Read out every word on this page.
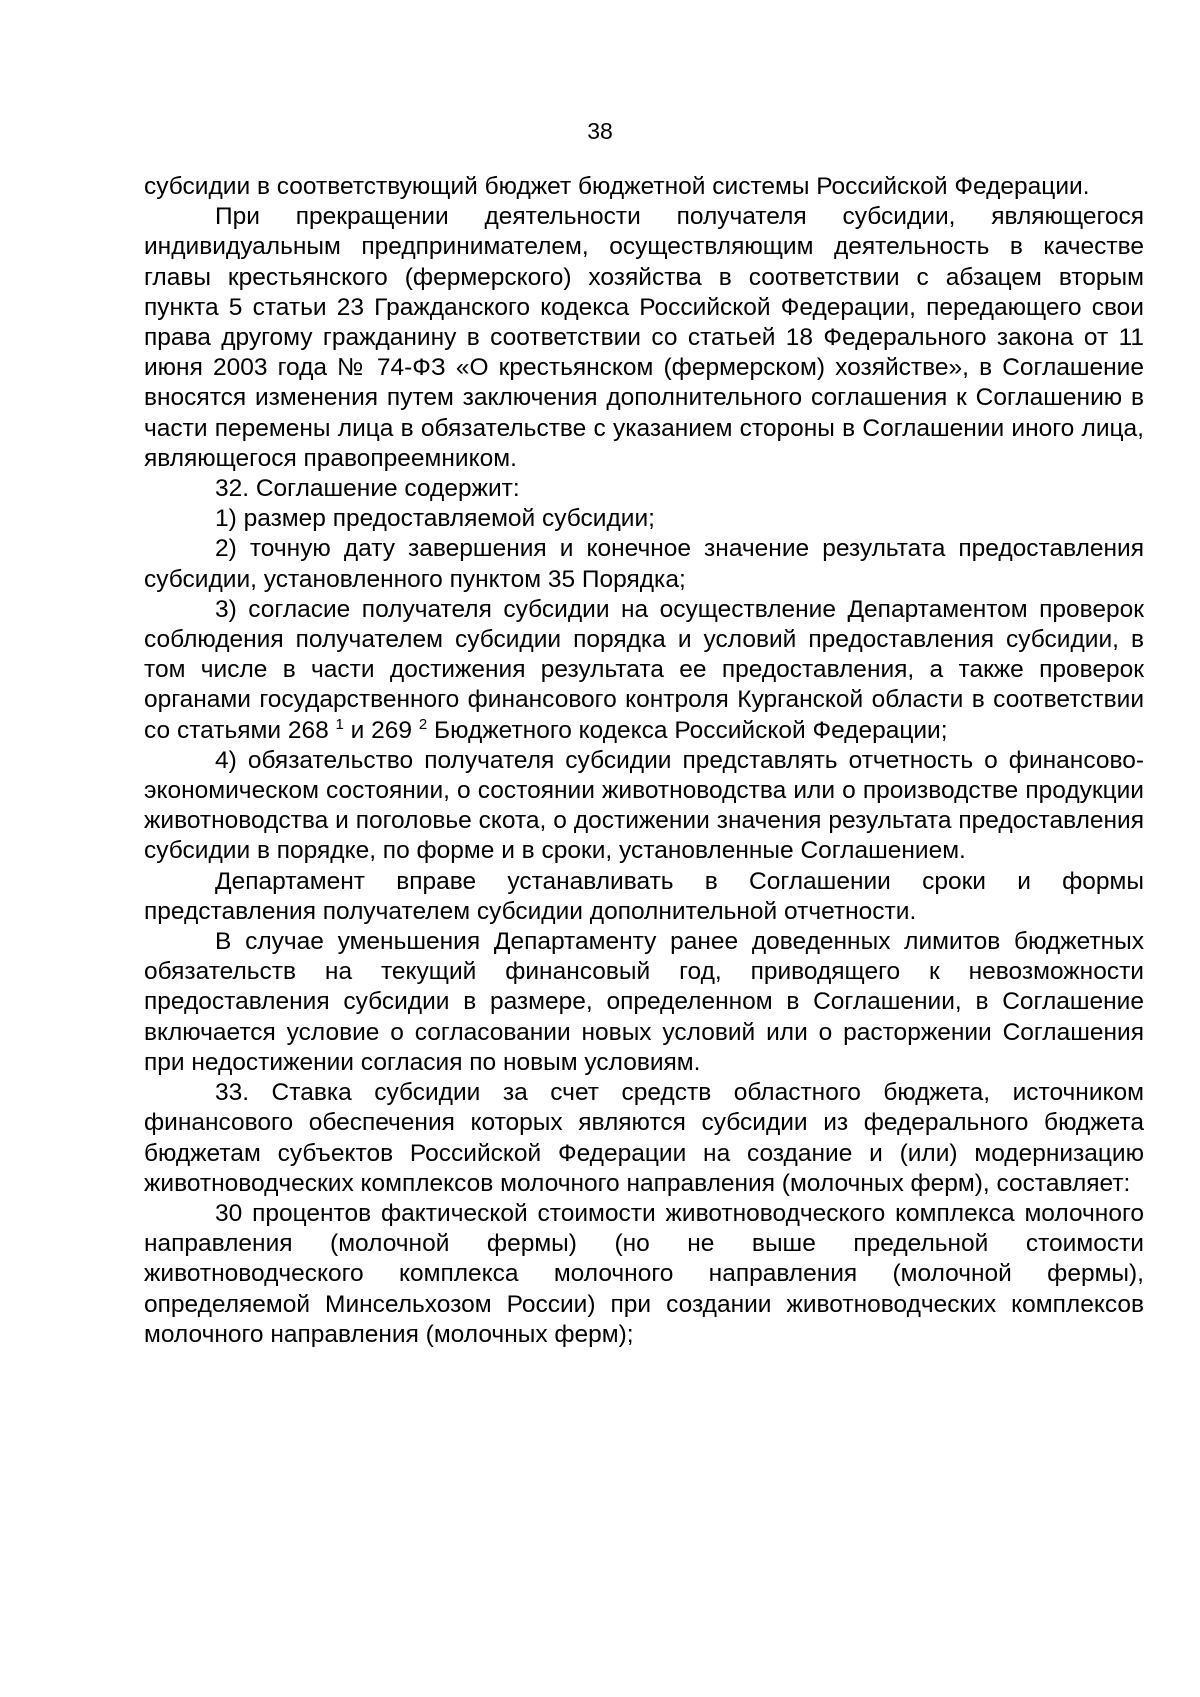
38

субсидии в соответствующий бюджет бюджетной системы Российской Федерации.

При прекращении деятельности получателя субсидии, являющегося индивидуальным предпринимателем, осуществляющим деятельность в качестве главы крестьянского (фермерского) хозяйства в соответствии с абзацем вторым пункта 5 статьи 23 Гражданского кодекса Российской Федерации, передающего свои права другому гражданину в соответствии со статьей 18 Федерального закона от 11 июня 2003 года № 74-ФЗ «О крестьянском (фермерском) хозяйстве», в Соглашение вносятся изменения путем заключения дополнительного соглашения к Соглашению в части перемены лица в обязательстве с указанием стороны в Соглашении иного лица, являющегося правопреемником.

32. Соглашение содержит:

1) размер предоставляемой субсидии;

2) точную дату завершения и конечное значение результата предоставления субсидии, установленного пунктом 35 Порядка;

3) согласие получателя субсидии на осуществление Департаментом проверок соблюдения получателем субсидии порядка и условий предоставления субсидии, в том числе в части достижения результата ее предоставления, а также проверок органами государственного финансового контроля Курганской области в соответствии со статьями 268 $^1$ и 269 $^2$ Бюджетного кодекса Российской Федерации;

4) обязательство получателя субсидии представлять отчетность о финансово-экономическом состоянии, о состоянии животноводства или о производстве продукции животноводства и поголовье скота, о достижении значения результата предоставления субсидии в порядке, по форме и в сроки, установленные Соглашением.

Департамент вправе устанавливать в Соглашении сроки и формы представления получателем субсидии дополнительной отчетности.

В случае уменьшения Департаменту ранее доведенных лимитов бюджетных обязательств на текущий финансовый год, приводящего к невозможности предоставления субсидии в размере, определенном в Соглашении, в Соглашение включается условие о согласовании новых условий или о расторжении Соглашения при недостижении согласия по новым условиям.

33. Ставка субсидии за счет средств областного бюджета, источником финансового обеспечения которых являются субсидии из федерального бюджета бюджетам субъектов Российской Федерации на создание и (или) модернизацию животноводческих комплексов молочного направления (молочных ферм), составляет:

30 процентов фактической стоимости животноводческого комплекса молочного направления (молочной фермы) (но не выше предельной стоимости животноводческого комплекса молочного направления (молочной фермы), определяемой Минсельхозом России) при создании животноводческих комплексов молочного направления (молочных ферм);
